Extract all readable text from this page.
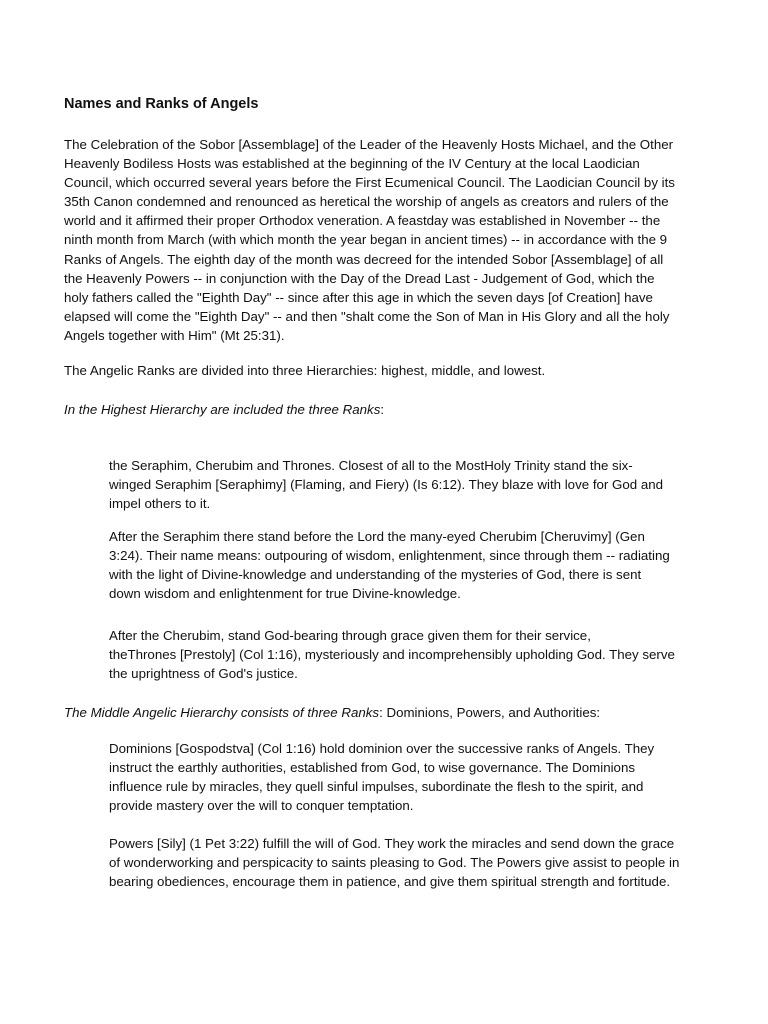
Names and Ranks of Angels

The Celebration of the Sobor [Assemblage] of the Leader of the Heavenly Hosts Michael, and the Other
Heavenly Bodiless Hosts was established at the beginning of the IV Century at the local Laodician
Council, which occurred several years before the First Ecumenical Council. The Laodician Council by its
35th Canon condemned and renounced as heretical the worship of angels as creators and rulers of the
world and it affirmed their proper Orthodox veneration. A feastday was established in November -- the
ninth month from March (with which month the year began in ancient times) -- in accordance with the 9
Ranks of Angels. The eighth day of the month was decreed for the intended Sobor [Assemblage] of all
the Heavenly Powers -- in conjunction with the Day of the Dread Last - Judgement of God, which the
holy fathers called the "Eighth Day" -- since after this age in which the seven days [of Creation] have
elapsed will come the "Eighth Day" -- and then "shalt come the Son of Man in His Glory and all the holy
Angels together with Him" (Mt 25:31).

The Angelic Ranks are divided into three Hierarchies: highest, middle, and lowest.

In the Highest Hierarchy are included the three Ranks:

the Seraphim, Cherubim and Thrones. Closest of all to the MostHoly Trinity stand the six-
winged Seraphim [Seraphimy] (Flaming, and Fiery) (Is 6:12). They blaze with love for God and
impel others to it.

After the Seraphim there stand before the Lord the many-eyed Cherubim [Cheruvimy] (Gen
3:24). Their name means: outpouring of wisdom, enlightenment, since through them -- radiating
with the light of Divine-knowledge and understanding of the mysteries of God, there is sent
down wisdom and enlightenment for true Divine-knowledge.

After the Cherubim, stand God-bearing through grace given them for their service,
theThrones [Prestoly] (Col 1:16), mysteriously and incomprehensibly upholding God. They serve
the uprightness of God's justice.

The Middle Angelic Hierarchy consists of three Ranks: Dominions, Powers, and Authorities:

Dominions [Gospodstva] (Col 1:16) hold dominion over the successive ranks of Angels. They
instruct the earthly authorities, established from God, to wise governance. The Dominions
influence rule by miracles, they quell sinful impulses, subordinate the flesh to the spirit, and
provide mastery over the will to conquer temptation.

Powers [Sily] (1 Pet 3:22) fulfill the will of God. They work the miracles and send down the grace
of wonderworking and perspicacity to saints pleasing to God. The Powers give assist to people in
bearing obediences, encourage them in patience, and give them spiritual strength and fortitude.
